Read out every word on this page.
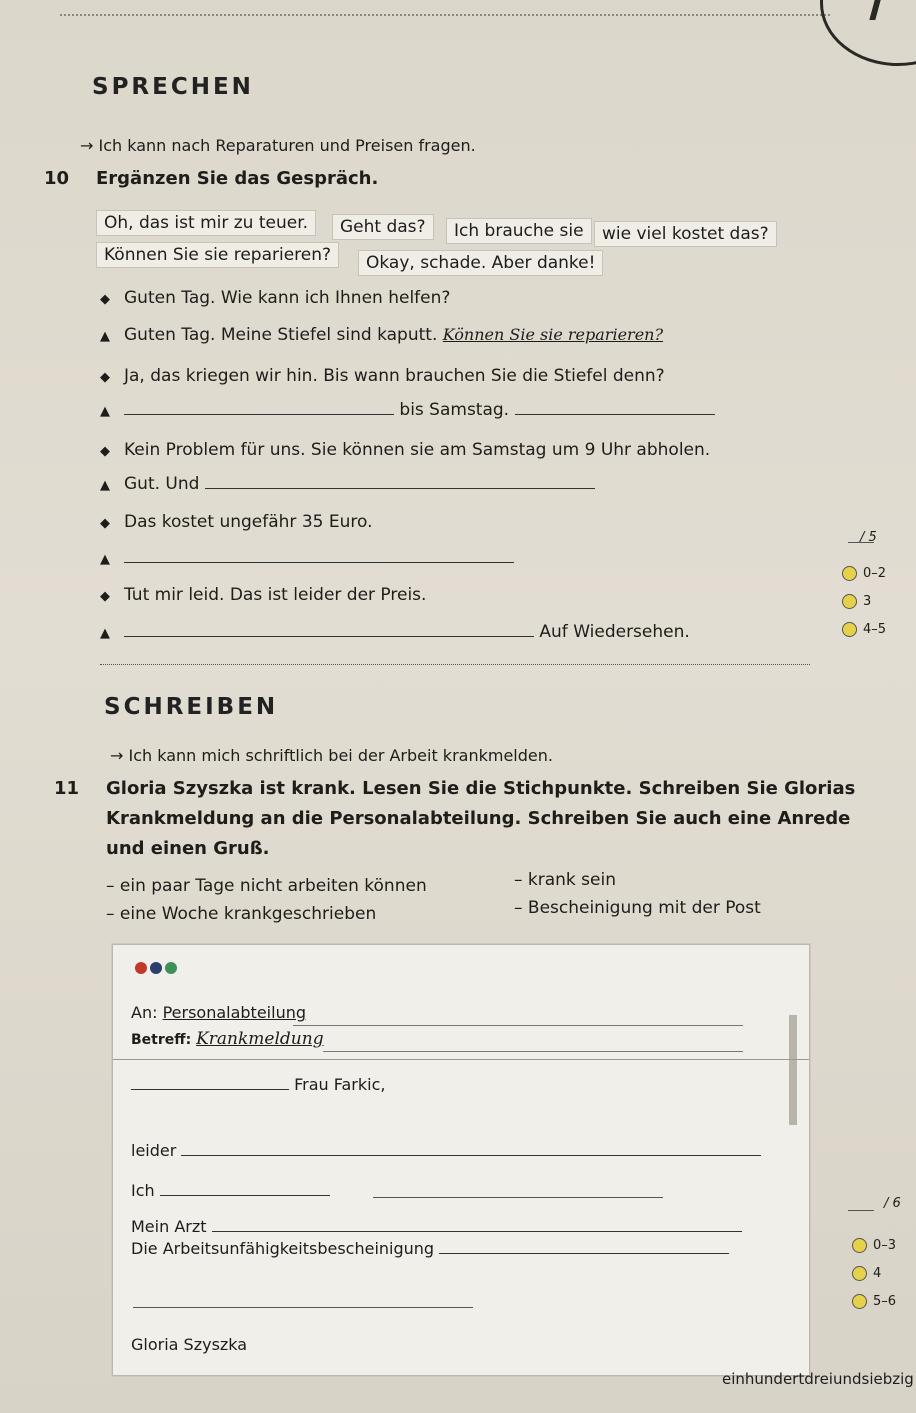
SPRECHEN
→ Ich kann nach Reparaturen und Preisen fragen.
10 Ergänzen Sie das Gespräch.
Oh, das ist mir zu teuer.	Geht das?	Ich brauche sie	wie viel kostet das?
Können Sie sie reparieren?	Okay, schade. Aber danke!
◆ Guten Tag. Wie kann ich Ihnen helfen?
▲ Guten Tag. Meine Stiefel sind kaputt. Können Sie sie reparieren?
◆ Ja, das kriegen wir hin. Bis wann brauchen Sie die Stiefel denn?
▲	bis Samstag.
◆ Kein Problem für uns. Sie können sie am Samstag um 9 Uhr abholen.
▲ Gut. Und
◆ Das kostet ungefähr 35 Euro.
▲
◆ Tut mir leid. Das ist leider der Preis.
▲	Auf Wiedersehen.
/ 5
0–2
3
4–5
SCHREIBEN
→ Ich kann mich schriftlich bei der Arbeit krankmelden.
11 Gloria Szyszka ist krank. Lesen Sie die Stichpunkte. Schreiben Sie Glorias
Krankmeldung an die Personalabteilung. Schreiben Sie auch eine Anrede
und einen Gruß.
– ein paar Tage nicht arbeiten können
– eine Woche krankgeschrieben
– krank sein
– Bescheinigung mit der Post
An: Personalabteilung
Betreff: Krankmeldung
Frau Farkic,
leider
Ich
Mein Arzt
Die Arbeitsunfähigkeitsbescheinigung
Gloria Szyszka
/ 6
0–3
4
5–6
einhundertdreiundsiebzig
